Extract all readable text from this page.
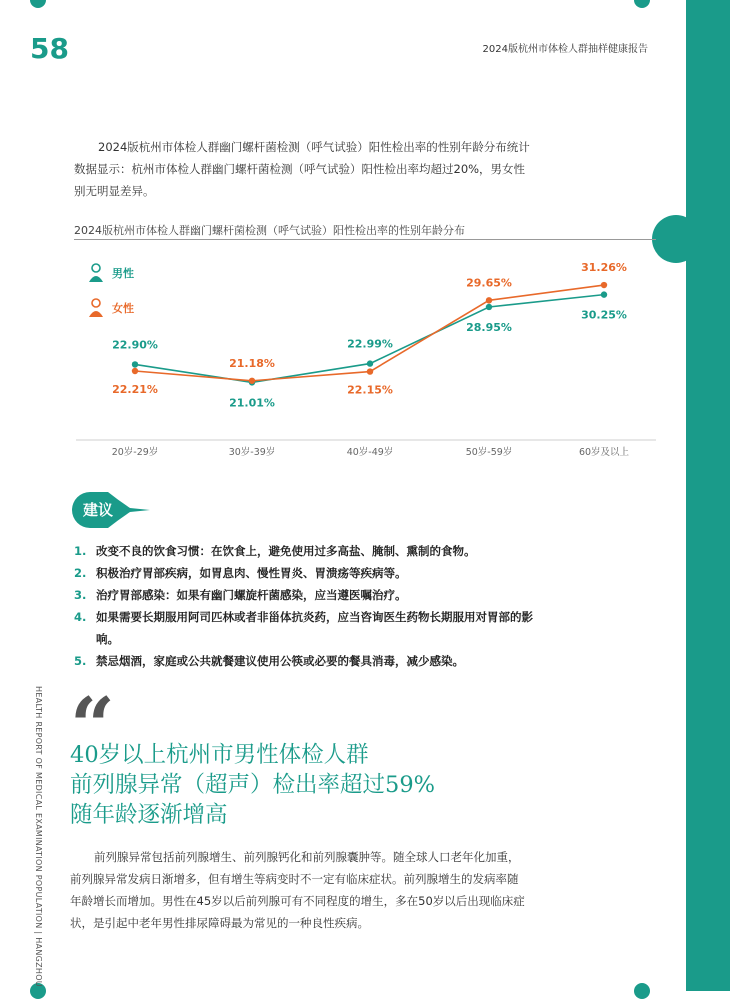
58	2024版杭州市体检人群抽样健康报告

2024版杭州市体检人群幽门螺杆菌检测（呼气试验）阳性检出率的性别年龄分布统计数据显示：杭州市体检人群幽门螺杆菌检测（呼气试验）阳性检出率均超过20%，男女性别无明显差异。

2024版杭州市体检人群幽门螺杆菌检测（呼气试验）阳性检出率的性别年龄分布
20岁-29岁	30岁-39岁	40岁-49岁	50岁-59岁	60岁及以上
22.90%
21.01%
22.99%
28.95%
30.25%
22.21%
21.18%
22.15%
29.65%
31.26%
男性
女性
建议
1. 改变不良的饮食习惯：在饮食上，避免使用过多高盐、腌制、熏制的食物。
2. 积极治疗胃部疾病，如胃息肉、慢性胃炎、胃溃疡等疾病等。
3. 治疗胃部感染：如果有幽门螺旋杆菌感染，应当遵医嘱治疗。
4. 如果需要长期服用阿司匹林或者非甾体抗炎药，应当咨询医生药物长期服用对胃部的影响。
5. 禁忌烟酒，家庭或公共就餐建议使用公筷或必要的餐具消毒，减少感染。
HEALTH REPORT OF MEDICAL EXAMINATION POPULATION | HANGZHOU “
40岁以上杭州市男性体检人群
前列腺异常（超声）检出率超过59%
随年龄逐渐增高

前列腺异常包括前列腺增生、前列腺钙化和前列腺囊肿等。随全球人口老年化加重，前列腺异常发病日渐增多，但有增生等病变时不一定有临床症状。前列腺增生的发病率随年龄增长而增加。男性在45岁以后前列腺可有不同程度的增生，多在50岁以后出现临床症状，是引起中老年男性排尿障碍最为常见的一种良性疾病。
